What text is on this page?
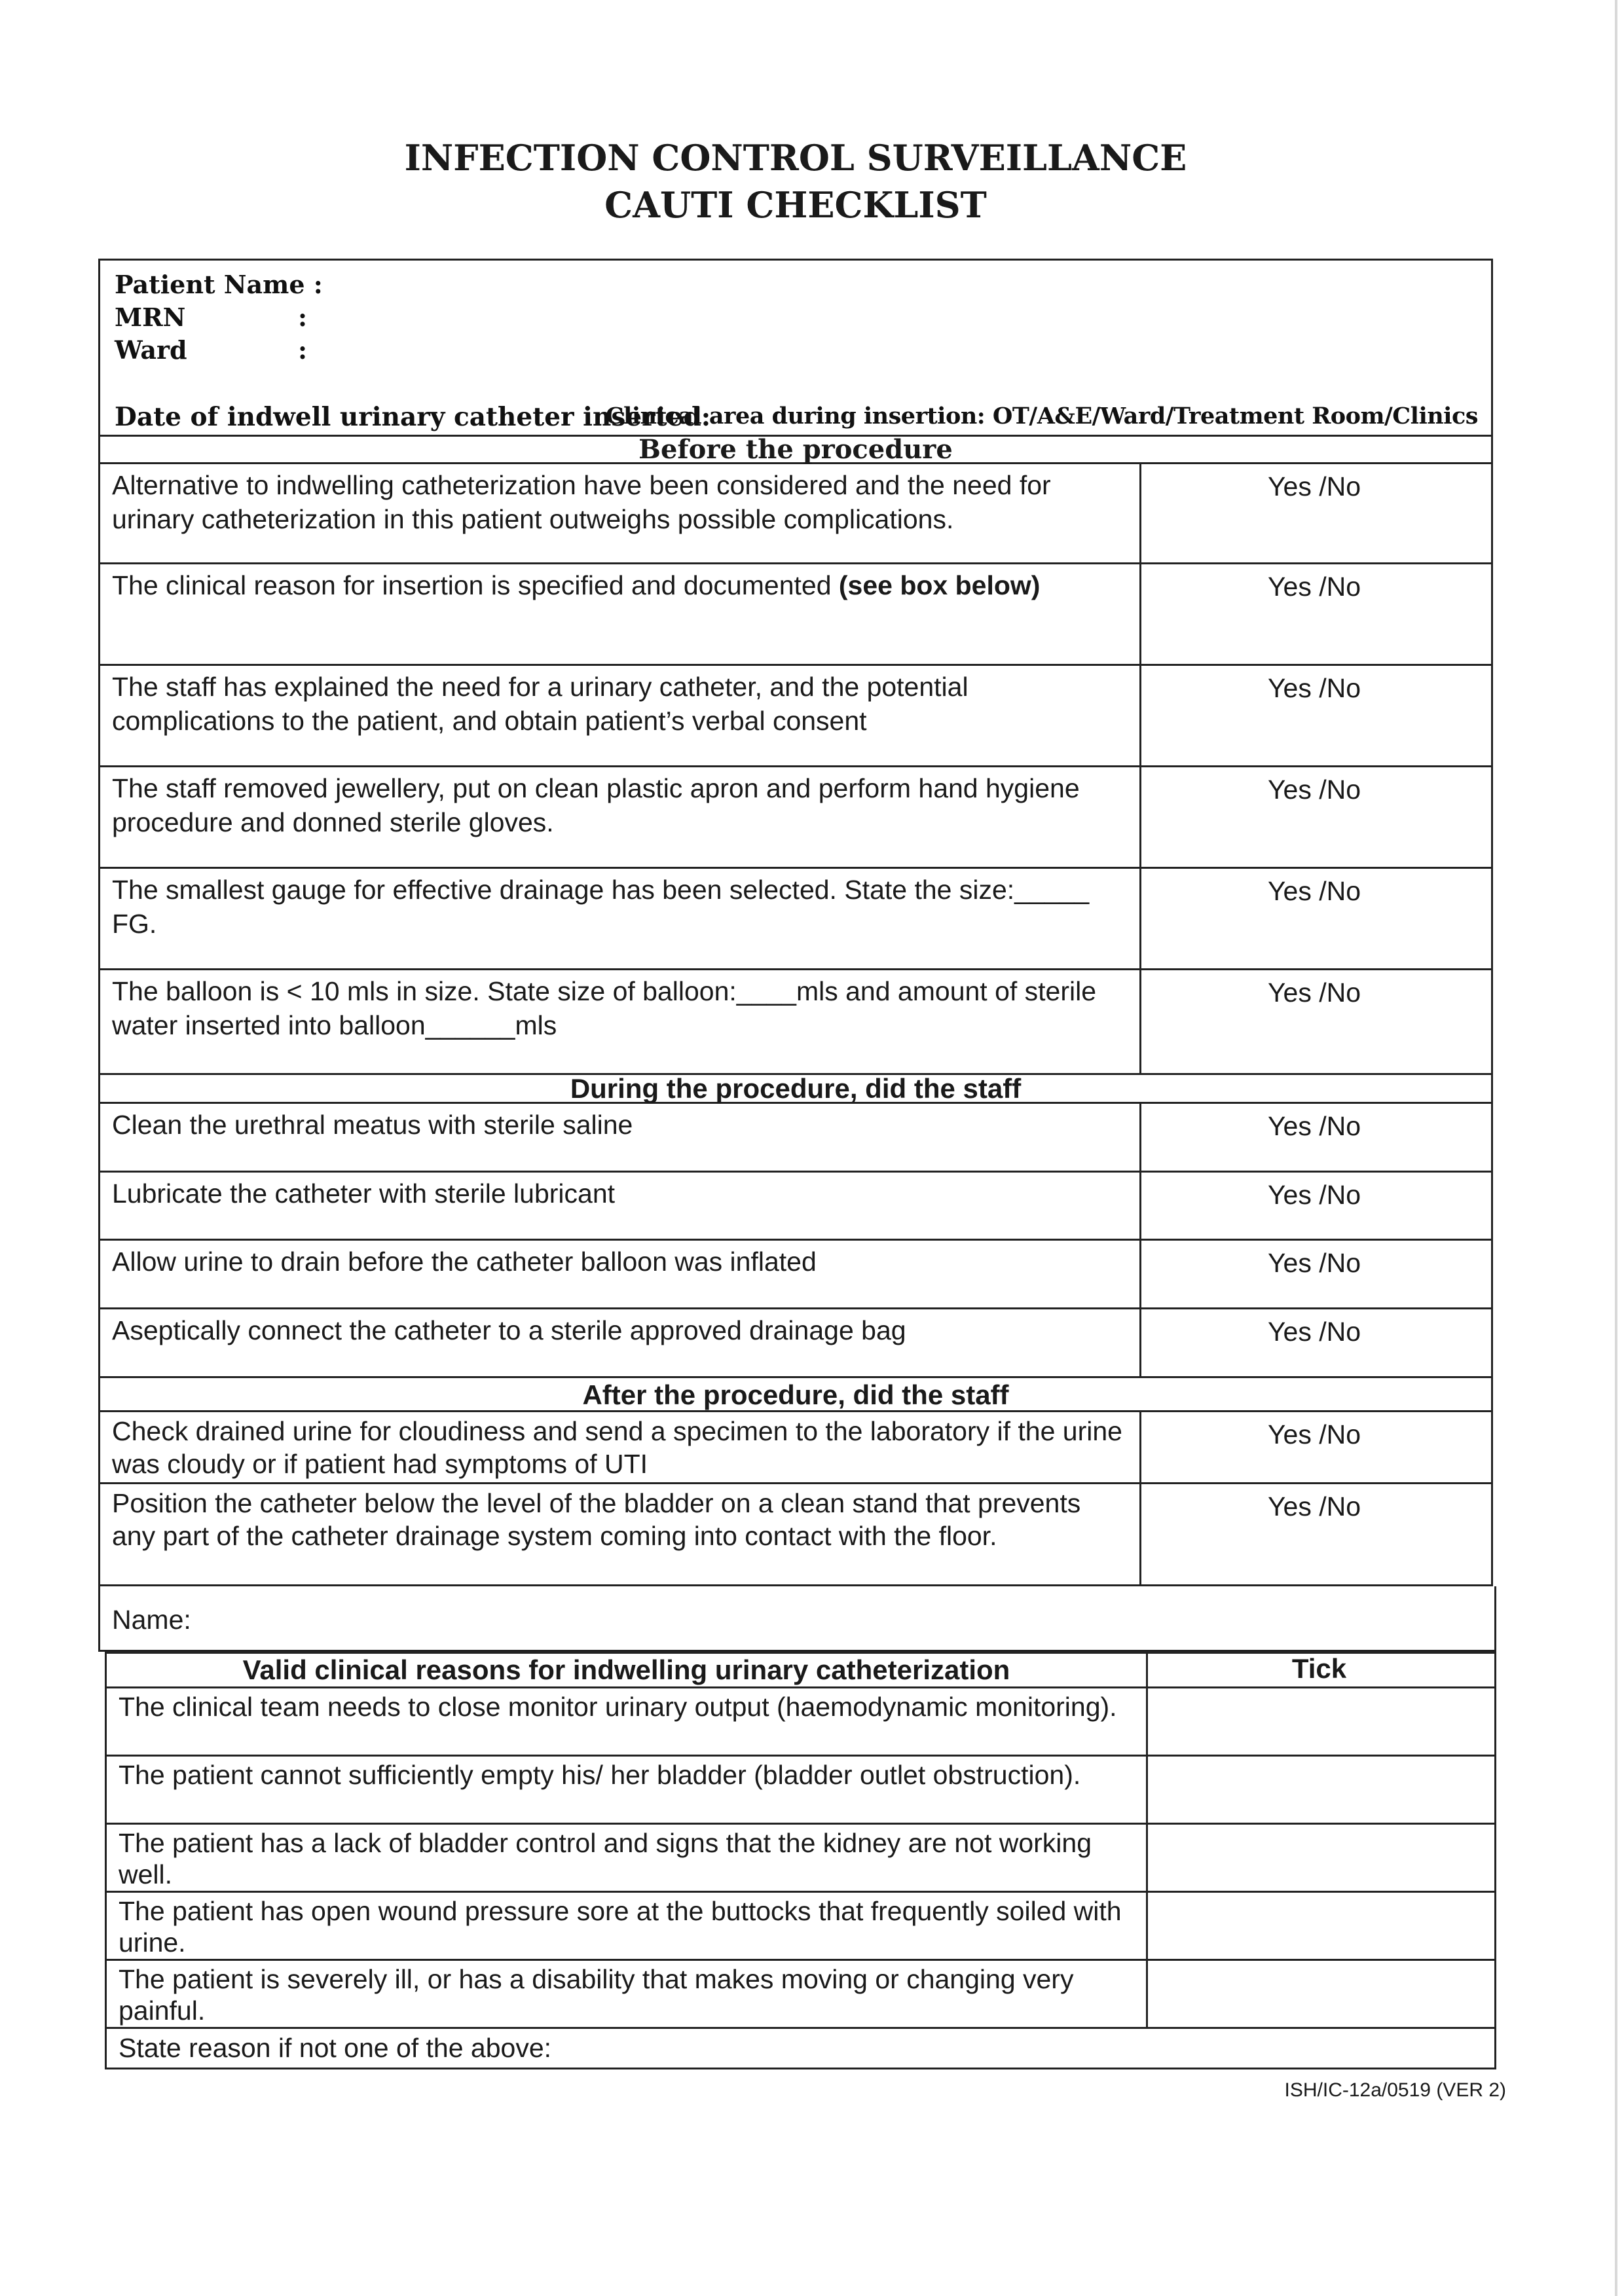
INFECTION CONTROL SURVEILLANCE
CAUTI CHECKLIST
Patient Name :
MRN	:
Ward	:
Date of indwell urinary catheter inserted:
Clinical area during insertion: OT/A&E/Ward/Treatment Room/Clinics
Before the procedure
Alternative to indwelling catheterization have been considered and the need for urinary catheterization in this patient outweighs possible complications.
Yes /No
The clinical reason for insertion is specified and documented (see box below)	Yes /No
The staff has explained the need for a urinary catheter, and the potential complications to the patient, and obtain patient’s verbal consent
Yes /No
The staff removed jewellery, put on clean plastic apron and perform hand hygiene procedure and donned sterile gloves.
Yes /No
The smallest gauge for effective drainage has been selected. State the size:_____ FG.
Yes /No
The balloon is < 10 mls in size. State size of balloon:____mls and amount of sterile water inserted into balloon______mls
Yes /No
During the procedure, did the staff
Clean the urethral meatus with sterile saline	Yes /No
Lubricate the catheter with sterile lubricant	Yes /No
Allow urine to drain before the catheter balloon was inflated	Yes /No
Aseptically connect the catheter to a sterile approved drainage bag	Yes /No
After the procedure, did the staff
Check drained urine for cloudiness and send a specimen to the laboratory if the urine was cloudy or if patient had symptoms of UTI
Yes /No
Position the catheter below the level of the bladder on a clean stand that prevents any part of the catheter drainage system coming into contact with the floor.
Yes /No
Name:
Valid clinical reasons for indwelling urinary catheterization	Tick
The clinical team needs to close monitor urinary output (haemodynamic monitoring).
The patient cannot sufficiently empty his/ her bladder (bladder outlet obstruction).
The patient has a lack of bladder control and signs that the kidney are not working well.
The patient has open wound pressure sore at the buttocks that frequently soiled with urine.
The patient is severely ill, or has a disability that makes moving or changing very painful.
State reason if not one of the above:
ISH/IC-12a/0519 (VER 2)
